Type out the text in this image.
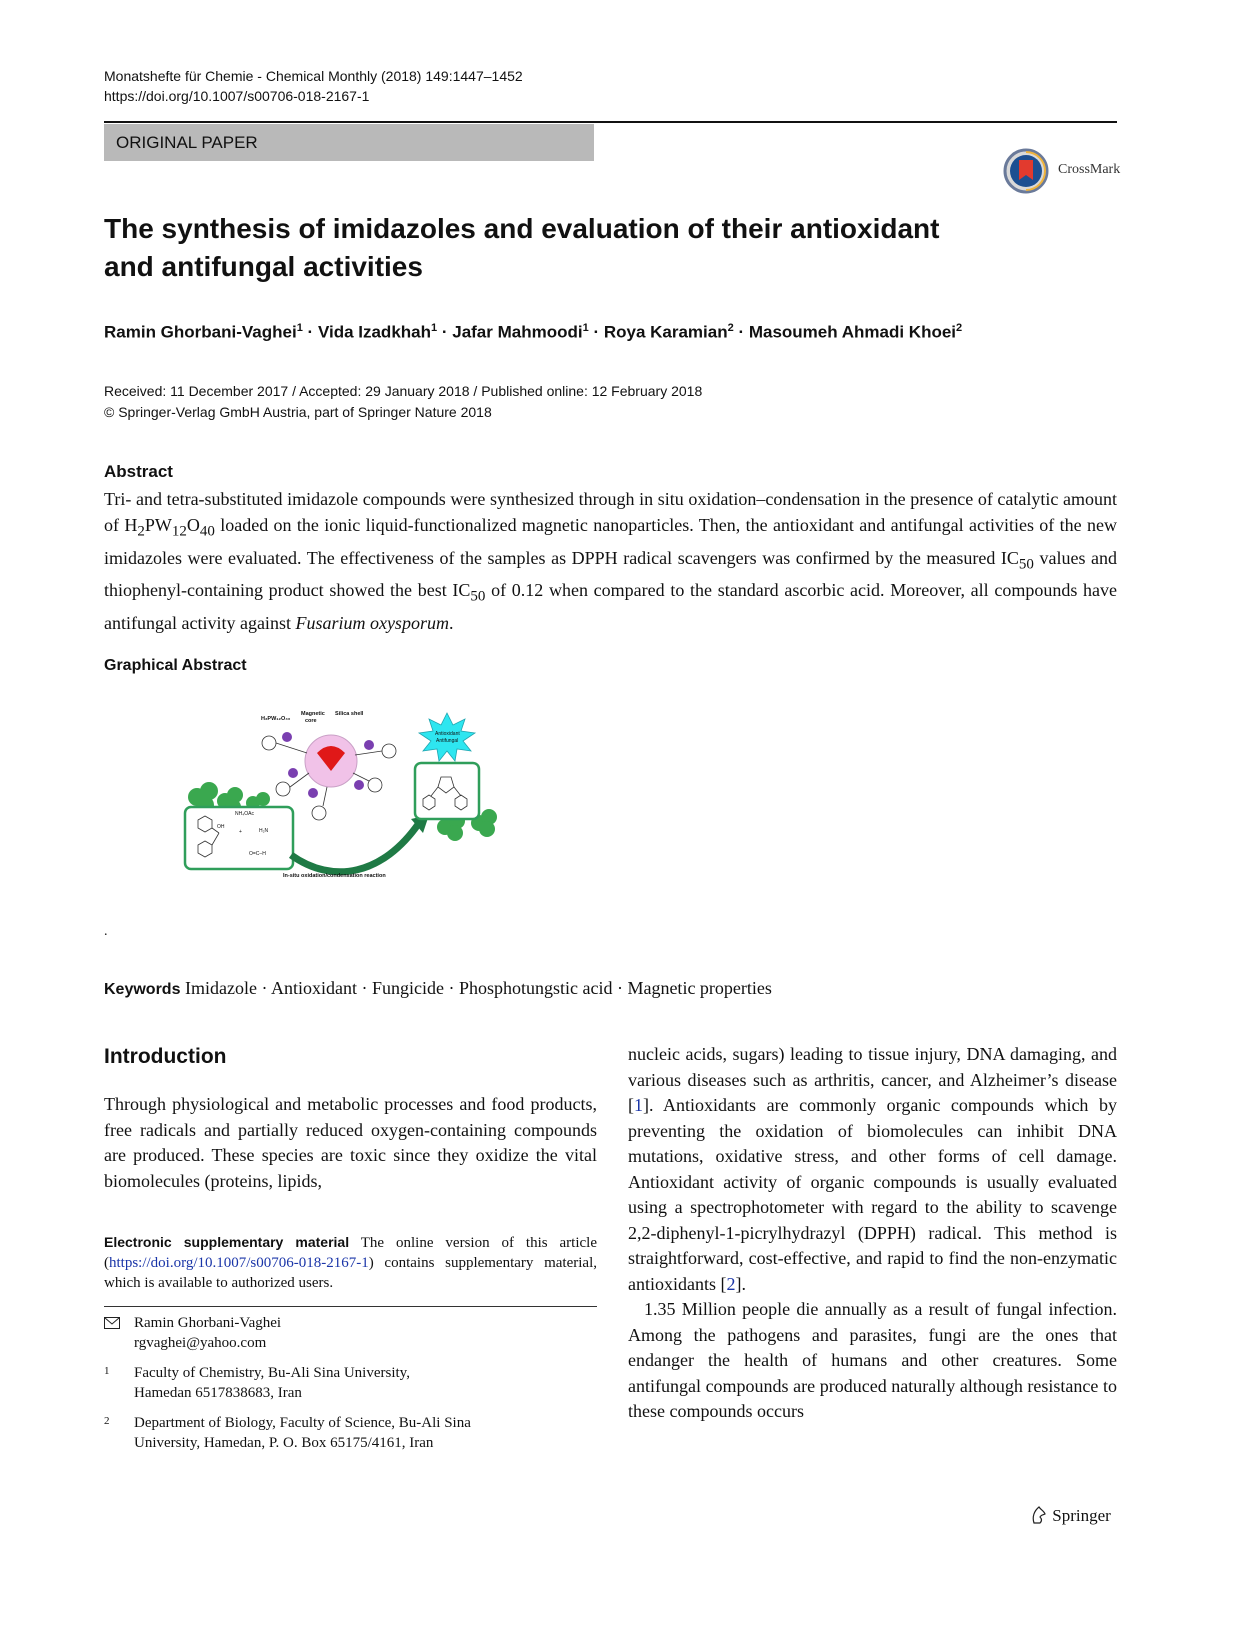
Monatshefte für Chemie - Chemical Monthly (2018) 149:1447–1452
https://doi.org/10.1007/s00706-018-2167-1
ORIGINAL PAPER
CrossMark
The synthesis of imidazoles and evaluation of their antioxidant
and antifungal activities
Ramin Ghorbani-Vaghei$^1$ · Vida Izadkhah$^1$ · Jafar Mahmoodi$^1$ · Roya Karamian$^2$ · Masoumeh Ahmadi Khoei$^2$
Received: 11 December 2017 / Accepted: 29 January 2018 / Published online: 12 February 2018
© Springer-Verlag GmbH Austria, part of Springer Nature 2018
Abstract
Tri- and tetra-substituted imidazole compounds were synthesized through in situ oxidation–condensation in the presence of catalytic amount of $H_2PW_{12}O_{40}$ loaded on the ionic liquid-functionalized magnetic nanoparticles. Then, the antioxidant and antifungal activities of the new imidazoles were evaluated. The effectiveness of the samples as DPPH radical scavengers was confirmed by the measured $IC_{50}$ values and thiophenyl-containing product showed the best $IC_{50}$ of 0.12 when compared to the standard ascorbic acid. Moreover, all compounds have antifungal activity against Fusarium oxysporum.
Graphical Abstract
OH
NH₄OAc
+	H₂N
O=C–H
In-situ oxidation/condensation reaction
H₂PW₁₂O₄₀
Magnetic
core
Silica shell
Antioxidant
Antifungal
.
Keywords Imidazole · Antioxidant · Fungicide · Phosphotungstic acid · Magnetic properties
Introduction

Through physiological and metabolic processes and food products, free radicals and partially reduced oxygen-containing compounds are produced. These species are toxic since they oxidize the vital biomolecules (proteins, lipids,

nucleic acids, sugars) leading to tissue injury, DNA damaging, and various diseases such as arthritis, cancer, and Alzheimer’s disease [1]. Antioxidants are commonly organic compounds which by preventing the oxidation of biomolecules can inhibit DNA mutations, oxidative stress, and other forms of cell damage. Antioxidant activity of organic compounds is usually evaluated using a spectrophotometer with regard to the ability to scavenge 2,2-diphenyl-1-picrylhydrazyl (DPPH) radical. This method is straightforward, cost-effective, and rapid to find the non-enzymatic antioxidants [2].

1.35 Million people die annually as a result of fungal infection. Among the pathogens and parasites, fungi are the ones that endanger the health of humans and other creatures. Some antifungal compounds are produced naturally although resistance to these compounds occurs

Electronic supplementary material The online version of this article (https://doi.org/10.1007/s00706-018-2167-1) contains supplementary material, which is available to authorized users.
Ramin Ghorbani-Vaghei
rgvaghei@yahoo.com
1 Faculty of Chemistry, Bu-Ali Sina University,
Hamedan 6517838683, Iran
2 Department of Biology, Faculty of Science, Bu-Ali Sina
University, Hamedan, P. O. Box 65175/4161, Iran
Springer
